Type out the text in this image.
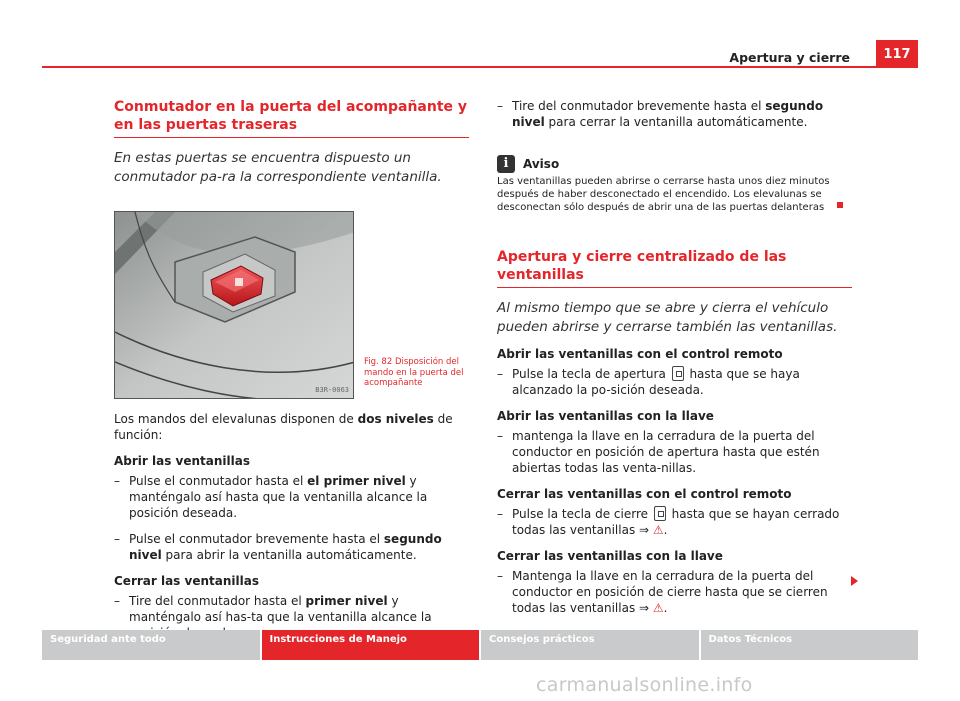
Apertura y cierre	117
Conmutador en la puerta del acompañante y en las puertas traseras

En estas puertas se encuentra dispuesto un conmutador pa-ra la correspondiente ventanilla.

B3R-0063
Fig. 82 Disposición del mando en la puerta del acompañante

Los mandos del elevalunas disponen de dos niveles de función:

Abrir las ventanillas
– Pulse el conmutador hasta el el primer nivel y manténgalo así hasta que la ventanilla alcance la posición deseada.
– Pulse el conmutador brevemente hasta el segundo nivel para abrir la ventanilla automáticamente.
Cerrar las ventanillas
– Tire del conmutador hasta el primer nivel y manténgalo así has-ta que la ventanilla alcance la
– Tire del conmutador brevemente hasta el segundo nivel para cerrar la ventanilla automáticamente.
i
Aviso

Las ventanillas pueden abrirse o cerrarse hasta unos diez minutos después de haber desconectado el encendido. Los elevalunas se desconectan sólo después de abrir una de las puertas delanteras

Apertura y cierre centralizado de las ventanillas

Al mismo tiempo que se abre y cierra el vehículo pueden abrirse y cerrarse también las ventanillas.

Abrir las ventanillas con el control remoto
– Pulse la tecla de apertura  hasta que se haya alcanzado la po-sición deseada.
Abrir las ventanillas con la llave
– mantenga la llave en la cerradura de la puerta del conductor en posición de apertura hasta que estén abiertas todas las venta-nillas.
Cerrar las ventanillas con el control remoto
– Pulse la tecla de cierre  hasta que se hayan cerrado todas las ventanillas ⇒ ⚠.
Cerrar las ventanillas con la llave
– Mantenga la llave en la cerradura de la puerta del conductor en posición de cierre hasta que se cierren todas las ventanillas ⇒ ⚠.
Seguridad ante todo	Instrucciones de Manejo	Consejos prácticos	Datos Técnicos
carmanualsonline.info
